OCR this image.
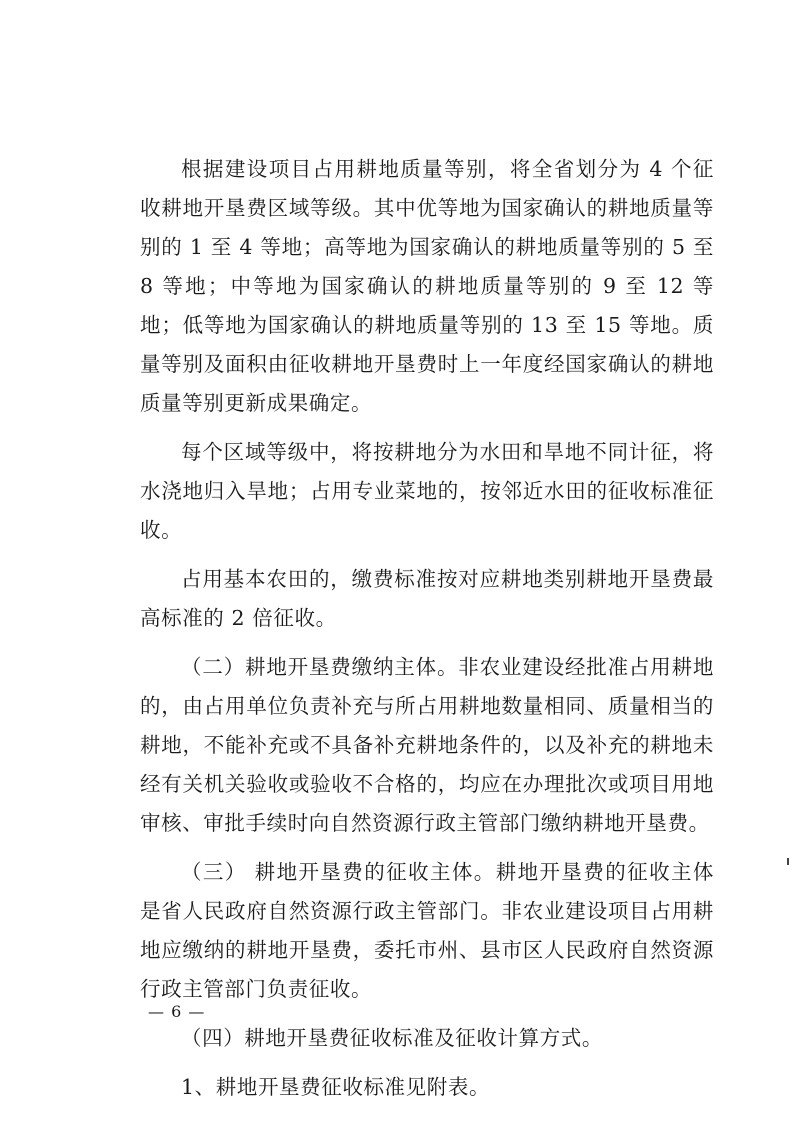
根据建设项目占用耕地质量等别，将全省划分为 4 个征收耕地开垦费区域等级。其中优等地为国家确认的耕地质量等别的 1 至 4 等地；高等地为国家确认的耕地质量等别的 5 至 8 等地；中等地为国家确认的耕地质量等别的 9 至 12 等地；低等地为国家确认的耕地质量等别的 13 至 15 等地。质量等别及面积由征收耕地开垦费时上一年度经国家确认的耕地质量等别更新成果确定。

每个区域等级中，将按耕地分为水田和旱地不同计征，将水浇地归入旱地；占用专业菜地的，按邻近水田的征收标准征收。

占用基本农田的，缴费标准按对应耕地类别耕地开垦费最高标准的 2 倍征收。

（二）耕地开垦费缴纳主体。非农业建设经批准占用耕地的，由占用单位负责补充与所占用耕地数量相同、质量相当的耕地，不能补充或不具备补充耕地条件的，以及补充的耕地未经有关机关验收或验收不合格的，均应在办理批次或项目用地审核、审批手续时向自然资源行政主管部门缴纳耕地开垦费。

（三） 耕地开垦费的征收主体。耕地开垦费的征收主体是省人民政府自然资源行政主管部门。非农业建设项目占用耕地应缴纳的耕地开垦费，委托市州、县市区人民政府自然资源行政主管部门负责征收。

（四）耕地开垦费征收标准及征收计算方式。

1、耕地开垦费征收标准见附表。

— 6 —
